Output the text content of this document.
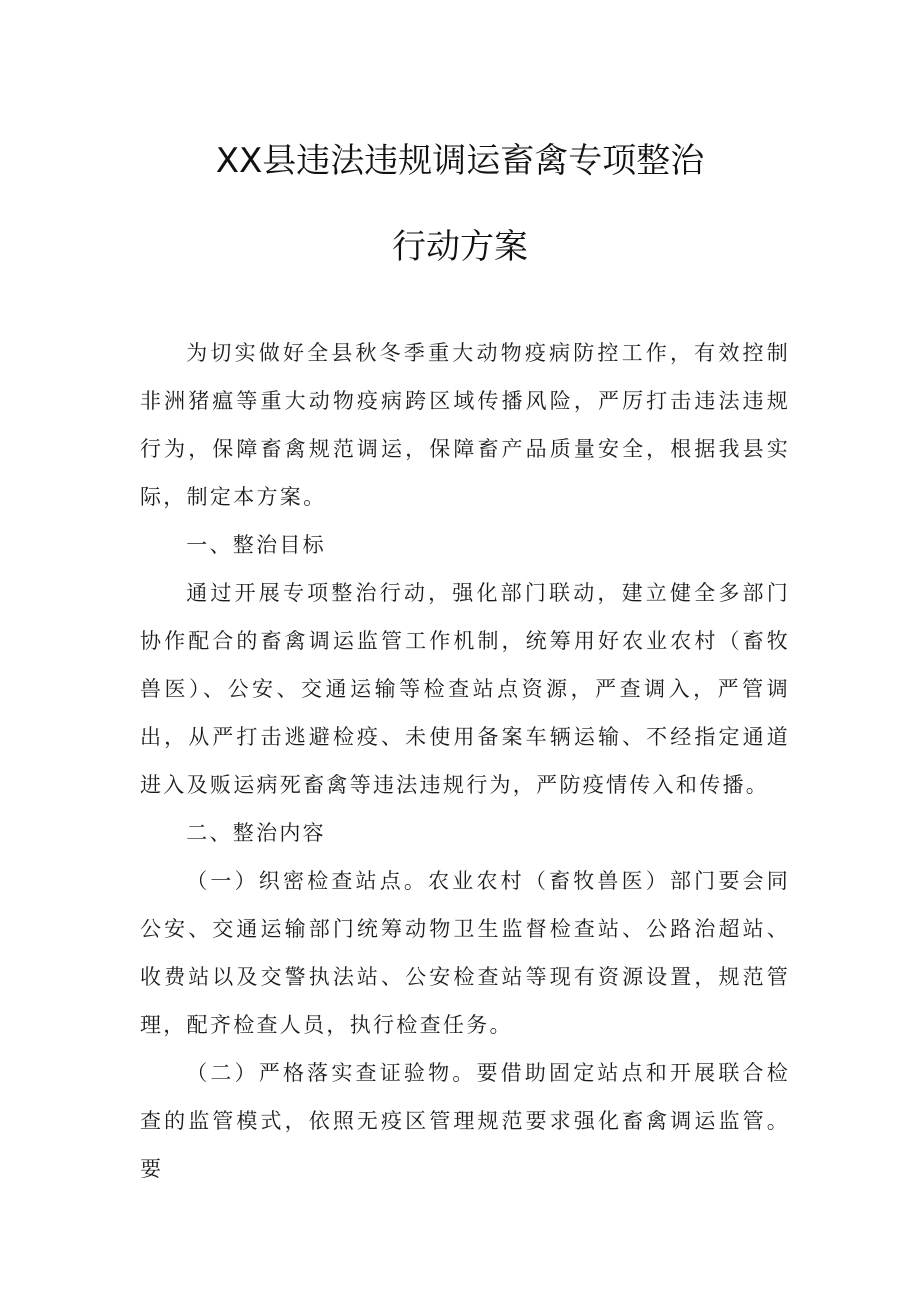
XX县违法违规调运畜禽专项整治
行动方案

为切实做好全县秋冬季重大动物疫病防控工作，有效控制非洲猪瘟等重大动物疫病跨区域传播风险，严厉打击违法违规行为，保障畜禽规范调运，保障畜产品质量安全，根据我县实际，制定本方案。

一、整治目标

通过开展专项整治行动，强化部门联动，建立健全多部门协作配合的畜禽调运监管工作机制，统筹用好农业农村（畜牧兽医）、公安、交通运输等检查站点资源，严查调入，严管调出，从严打击逃避检疫、未使用备案车辆运输、不经指定通道进入及贩运病死畜禽等违法违规行为，严防疫情传入和传播。

二、整治内容

（一）织密检查站点。农业农村（畜牧兽医）部门要会同公安、交通运输部门统筹动物卫生监督检查站、公路治超站、收费站以及交警执法站、公安检查站等现有资源设置，规范管理，配齐检查人员，执行检查任务。

（二）严格落实查证验物。要借助固定站点和开展联合检查的监管模式，依照无疫区管理规范要求强化畜禽调运监管。要
